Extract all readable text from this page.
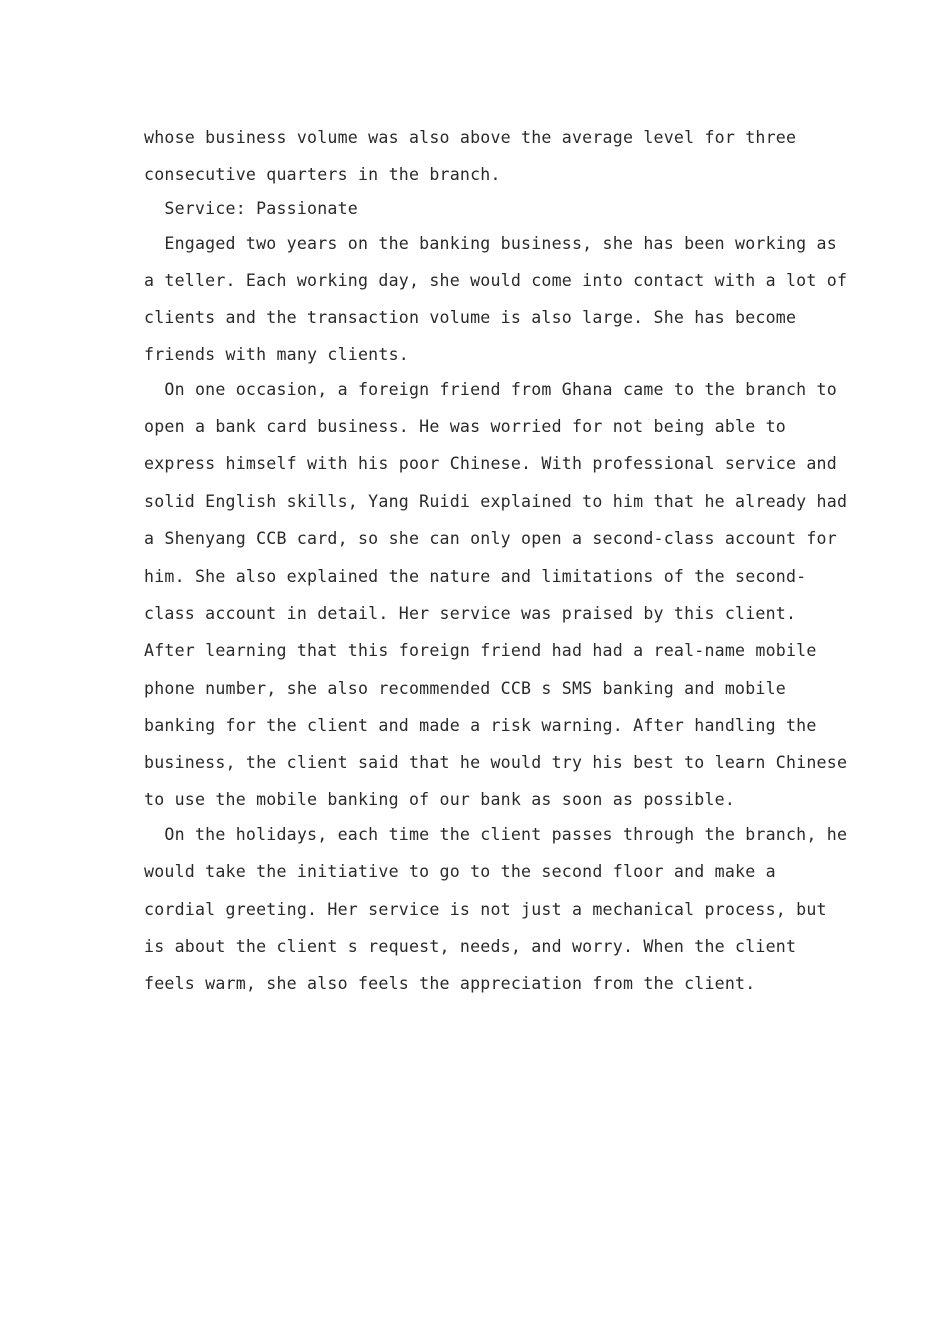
whose business volume was also above the average level for three

consecutive quarters in the branch.

Service: Passionate

Engaged two years on the banking business, she has been working as

a teller. Each working day, she would come into contact with a lot of

clients and the transaction volume is also large. She has become

friends with many clients.

On one occasion, a foreign friend from Ghana came to the branch to

open a bank card business. He was worried for not being able to

express himself with his poor Chinese. With professional service and

solid English skills, Yang Ruidi explained to him that he already had

a Shenyang CCB card, so she can only open a second-class account for

him. She also explained the nature and limitations of the second-

class account in detail. Her service was praised by this client.

After learning that this foreign friend had had a real-name mobile

phone number, she also recommended CCB s SMS banking and mobile

banking for the client and made a risk warning. After handling the

business, the client said that he would try his best to learn Chinese

to use the mobile banking of our bank as soon as possible.

On the holidays, each time the client passes through the branch, he

would take the initiative to go to the second floor and make a

cordial greeting. Her service is not just a mechanical process, but

is about the client s request, needs, and worry. When the client

feels warm, she also feels the appreciation from the client.
